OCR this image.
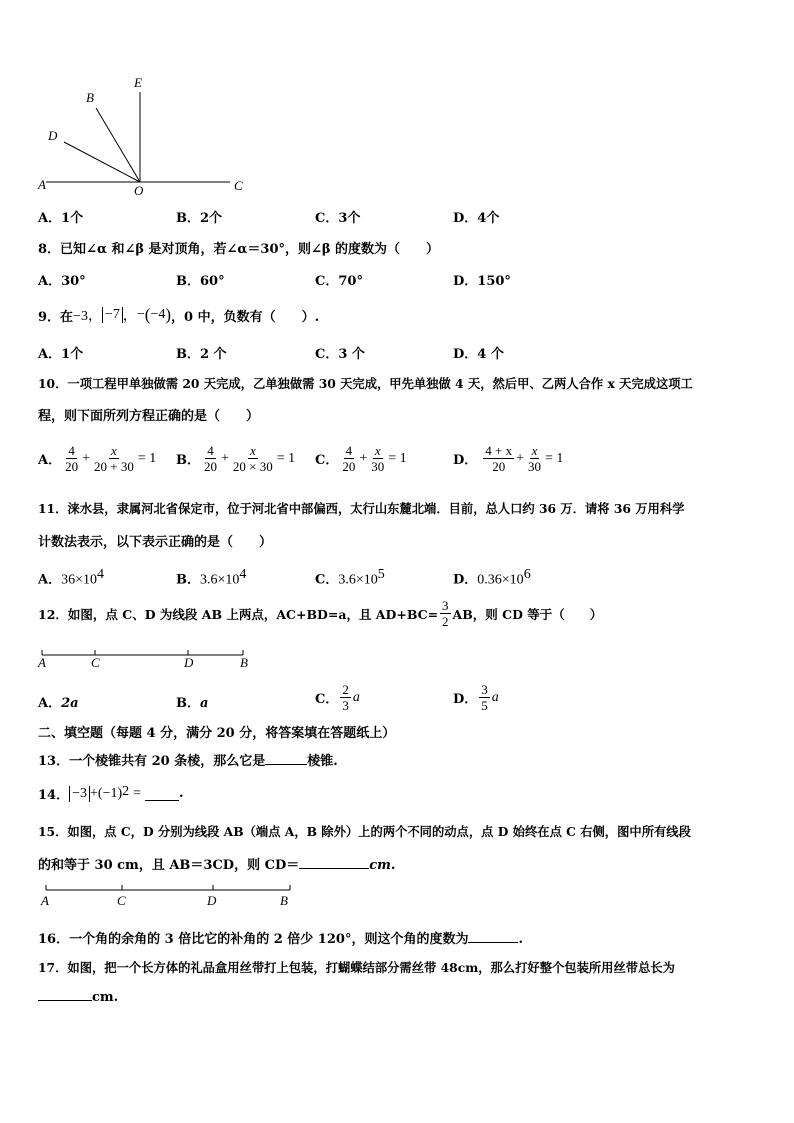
E
B
D
A	O	C
A．1个	B．2个	C．3个	D．4个
8．已知∠α 和∠β 是对顶角，若∠α＝30°，则∠β 的度数为（　　）
A．30°	B．60°	C．70°	D．150°
9．在 −3， −7 ， − ( −4 ) ，0 中，负数有（　　）.
A．1个	B．2 个	C．3 个	D．4 个
10．一项工程甲单独做需 20 天完成，乙单独做需 30 天完成，甲先单独做 4 天，然后甲、乙两人合作 x 天完成这项工
程，则下面所列方程正确的是（　　）
A． $\frac{4}{20} + \frac{x}{20 + 30} = 1$ B． $\frac{4}{20} + \frac{x}{20 \times 30} = 1$ C． $\frac{4}{20} + \frac{x}{30} = 1$	D． $\frac{4 + x}{20} + \frac{x}{30} = 1$
11．涞水县，隶属河北省保定市，位于河北省中部偏西，太行山东麓北端．目前，总人口约 36 万．请将 36 万用科学
计数法表示，以下表示正确的是（　　）
A．$36\times 10^4$	B．$3.6\times 10^4$	C．$3.6\times 10^5$	D．$0.36\times 10^6$
12．如图，点 C、D 为线段 AB 上两点，AC+BD=a，且 $AD+BC= \frac{3}{2}$ AB，则 CD 等于（　　）
A	C	D	B
A．2a	B．a	C． $\frac{2}{3}$ a	D． $\frac{3}{5}$ a
二、填空题（每题 4 分，满分 20 分，将答案填在答题纸上）
13．一个棱锥共有 20 条棱，那么它是	棱锥.
14． −3 + (−1) 2 =	.
15．如图，点 C，D 分别为线段 AB（端点 A，B 除外）上的两个不同的动点，点 D 始终在点 C 右侧，图中所有线段
的和等于 30 cm，且 AB＝3CD，则 CD＝	cm.
A	C	D	B
16．一个角的余角的 3 倍比它的补角的 2 倍少 120°，则这个角的度数为	.
17．如图，把一个长方体的礼品盒用丝带打上包装，打蝴蝶结部分需丝带 48cm，那么打好整个包装所用丝带总长为
cm.
